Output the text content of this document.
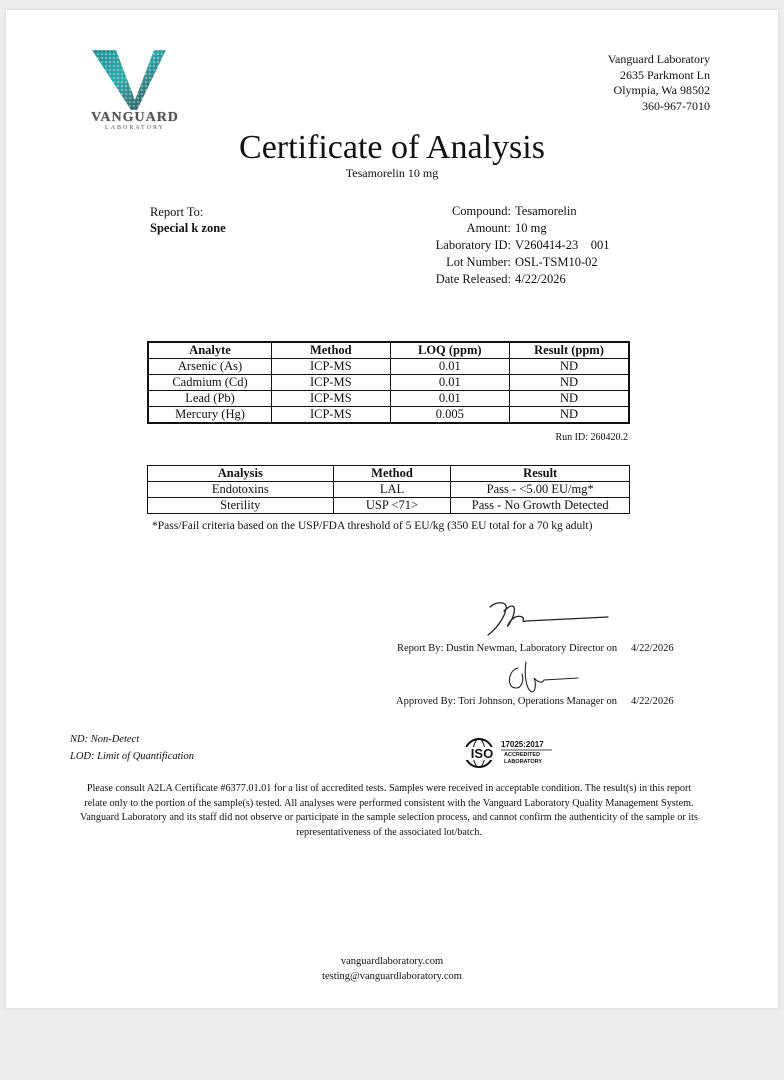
VANGUARD
LABORATORY
Vanguard Laboratory
2635 Parkmont Ln
Olympia, Wa 98502
360-967-7010
Certificate of Analysis
Tesamorelin 10 mg
Report To:
Special k zone
Compound: Tesamorelin
Amount: 10 mg
Laboratory ID: V260414-23    001
Lot Number: OSL-TSM10-02
Date Released: 4/22/2026
Analyte	Method	LOQ (ppm)	Result (ppm)
Arsenic (As)	ICP-MS	0.01	ND
Cadmium (Cd)	ICP-MS	0.01	ND
Lead (Pb)	ICP-MS	0.01	ND
Mercury (Hg)	ICP-MS	0.005	ND
Run ID: 260420.2
Analysis	Method	Result
Endotoxins	LAL	Pass - <5.00 EU/mg*
Sterility	USP <71>	Pass - No Growth Detected
*Pass/Fail criteria based on the USP/FDA threshold of 5 EU/kg (350 EU total for a 70 kg adult)
Report By: Dustin Newman, Laboratory Director on 4/22/2026
Approved By: Tori Johnson, Operations Manager on 4/22/2026
ND: Non-Detect
LOD: Limit of Quantification	ISO
17025:2017
ACCREDITED
LABORATORY
Please consult A2LA Certificate #6377.01.01 for a list of accredited tests. Samples were received in acceptable condition. The result(s) in this report relate only to the portion of the sample(s) tested. All analyses were performed consistent with the Vanguard Laboratory Quality Management System. Vanguard Laboratory and its staff did not observe or participate in the sample selection process, and cannot confirm the authenticity of the sample or its representativeness of the associated lot/batch.
vanguardlaboratory.com
testing@vanguardlaboratory.com
